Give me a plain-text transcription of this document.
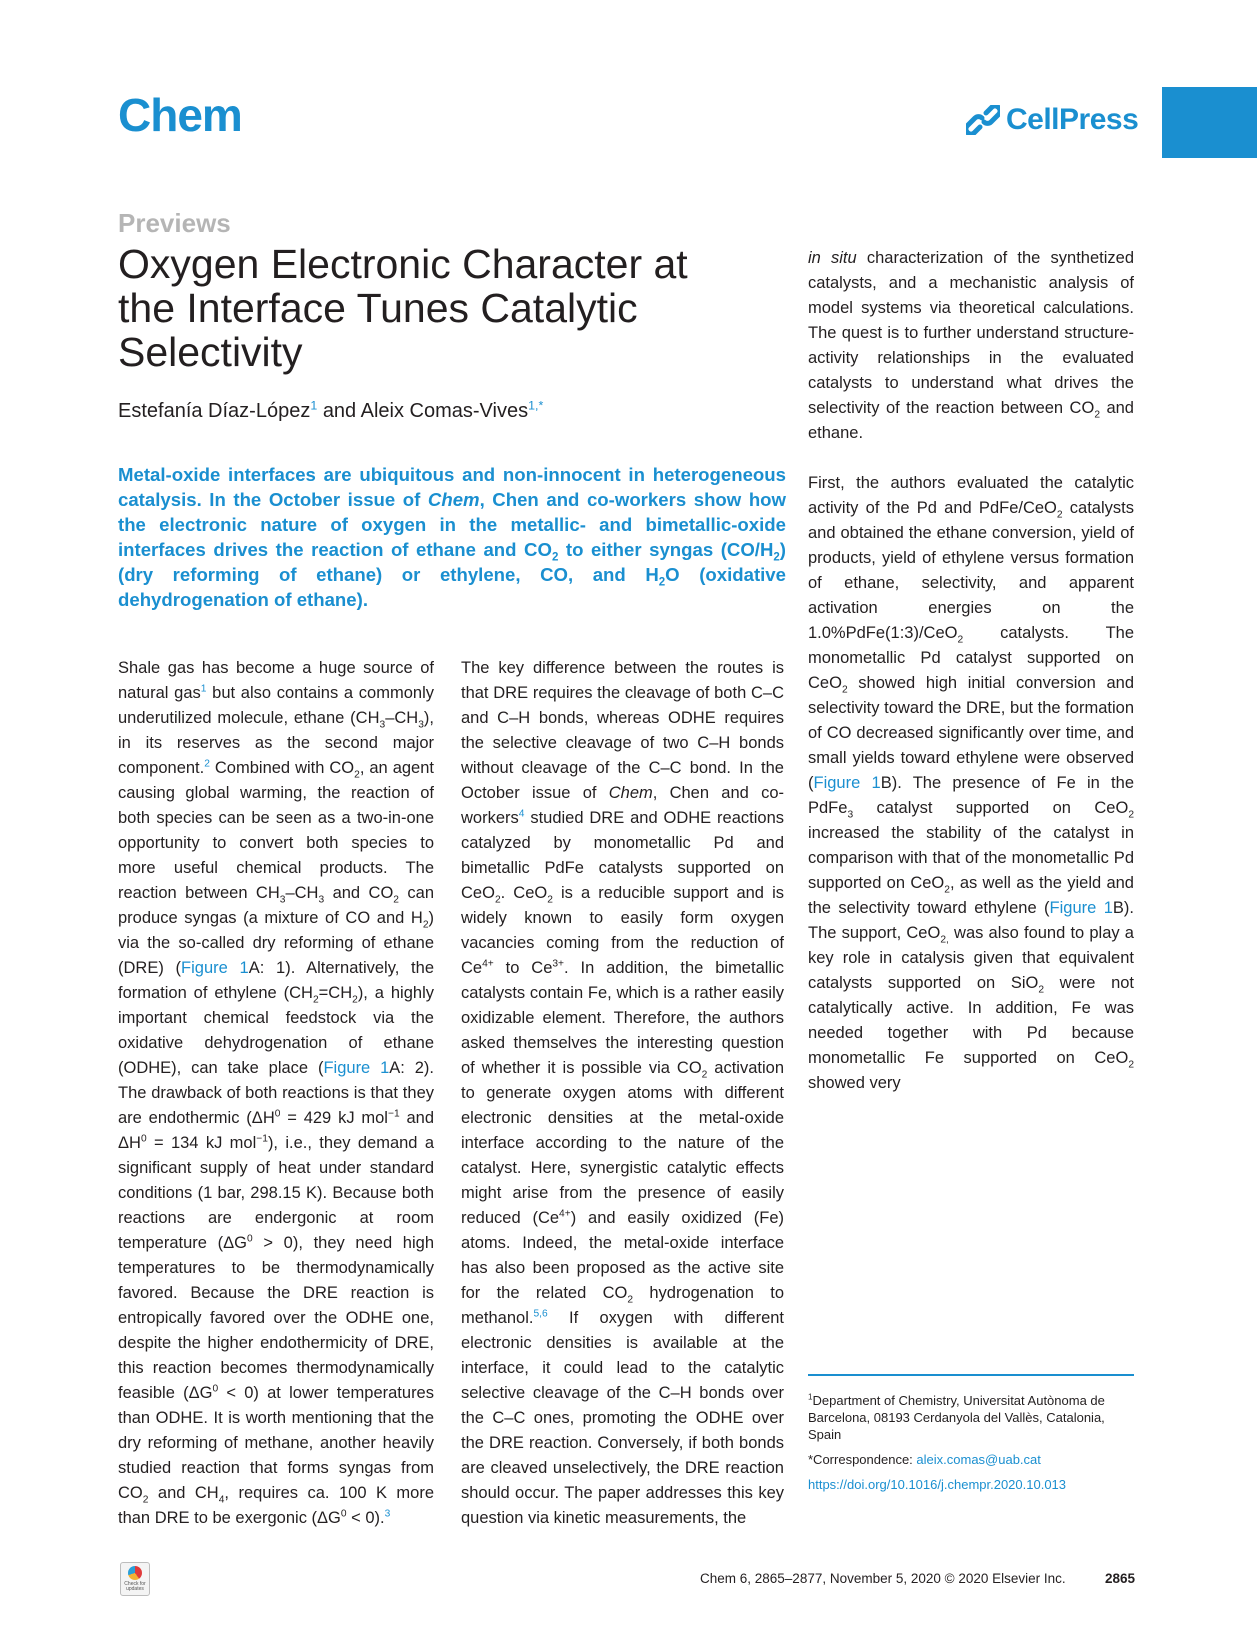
Chem	CellPress
Previews
Oxygen Electronic Character at the Interface Tunes Catalytic Selectivity
Estefanía Díaz-López$^1$ and Aleix Comas-Vives$^{1,*}$

Metal-oxide interfaces are ubiquitous and non-innocent in heterogeneous catalysis. In the October issue of Chem, Chen and co-workers show how the electronic nature of oxygen in the metallic- and bimetallic-oxide interfaces drives the reaction of ethane and $CO_2$ to either syngas $(CO/H_2)$ (dry reforming of ethane) or ethylene, CO, and $H_2O$ (oxidative dehydrogenation of ethane).

Shale gas has become a huge source of natural gas$^1$ but also contains a commonly underutilized molecule, ethane $(CH_3-CH_3)$, in its reserves as the second major component.$^2$ Combined with $CO_2$, an agent causing global warming, the reaction of both species can be seen as a two-in-one opportunity to convert both species to more useful chemical products. The reaction between $CH_3-CH_3$ and $CO_2$ can produce syngas (a mixture of CO and $H_2$) via the so-called dry reforming of ethane (DRE) (Figure 1A: 1). Alternatively, the formation of ethylene $(CH_2=CH_2)$, a highly important chemical feedstock via the oxidative dehydrogenation of ethane (ODHE), can take place (Figure 1A: 2). The drawback of both reactions is that they are endothermic ($\Delta H^0 = 429$ kJ mol$^{-1}$ and $\Delta H^0 = 134$ kJ mol$^{-1}$), i.e., they demand a significant supply of heat under standard conditions (1 bar, 298.15 K). Because both reactions are endergonic at room temperature $(\Delta G^0 > 0)$, they need high temperatures to be thermodynamically favored. Because the DRE reaction is entropically favored over the ODHE one, despite the higher endothermicity of DRE, this reaction becomes thermodynamically feasible $(\Delta G^0 < 0)$ at lower temperatures than ODHE. It is worth mentioning that the dry reforming of methane, another heavily studied reaction that forms syngas from $CO_2$ and $CH_4$, requires ca. 100 K more than DRE to be exergonic $(\Delta G^0 < 0).^3$

The key difference between the routes is that DRE requires the cleavage of both C–C and C–H bonds, whereas ODHE requires the selective cleavage of two C–H bonds without cleavage of the C–C bond. In the October issue of Chem, Chen and co-workers$^4$ studied DRE and ODHE reactions catalyzed by monometallic Pd and bimetallic PdFe catalysts supported on CeO$_2$. CeO$_2$ is a reducible support and is widely known to easily form oxygen vacancies coming from the reduction of $Ce^{4+}$ to $Ce^{3+}$. In addition, the bimetallic catalysts contain Fe, which is a rather easily oxidizable element. Therefore, the authors asked themselves the interesting question of whether it is possible via $CO_2$ activation to generate oxygen atoms with different electronic densities at the metal-oxide interface according to the nature of the catalyst. Here, synergistic catalytic effects might arise from the presence of easily reduced $(Ce^{4+})$ and easily oxidized (Fe) atoms. Indeed, the metal-oxide interface has also been proposed as the active site for the related $CO_2$ hydrogenation to methanol.$^{5,6}$ If oxygen with different electronic densities is available at the interface, it could lead to the catalytic selective cleavage of the C–H bonds over the C–C ones, promoting the ODHE over the DRE reaction. Conversely, if both bonds are cleaved unselectively, the DRE reaction should occur. The paper addresses this key question via kinetic measurements, the

in situ characterization of the synthetized catalysts, and a mechanistic analysis of model systems via theoretical calculations. The quest is to further understand structure-activity relationships in the evaluated catalysts to understand what drives the selectivity of the reaction between $CO_2$ and ethane.

First, the authors evaluated the catalytic activity of the Pd and PdFe/CeO$_2$ catalysts and obtained the ethane conversion, yield of products, yield of ethylene versus formation of ethane, selectivity, and apparent activation energies on the 1.0%PdFe(1:3)/CeO$_2$ catalysts. The monometallic Pd catalyst supported on CeO$_2$ showed high initial conversion and selectivity toward the DRE, but the formation of CO decreased significantly over time, and small yields toward ethylene were observed (Figure 1B). The presence of Fe in the PdFe$_3$ catalyst supported on CeO$_2$ increased the stability of the catalyst in comparison with that of the monometallic Pd supported on CeO$_2$, as well as the yield and the selectivity toward ethylene (Figure 1B). The support, CeO$_{2,}$ was also found to play a key role in catalysis given that equivalent catalysts supported on SiO$_2$ were not catalytically active. In addition, Fe was needed together with Pd because monometallic Fe supported on CeO$_2$ showed very

$^1$Department of Chemistry, Universitat Autònoma de Barcelona, 08193 Cerdanyola del Vallès, Catalonia, Spain

*Correspondence: aleix.comas@uab.cat

https://doi.org/10.1016/j.chempr.2020.10.013

Check for
updates
Chem 6, 2865–2877, November 5, 2020 © 2020 Elsevier Inc.	2865
